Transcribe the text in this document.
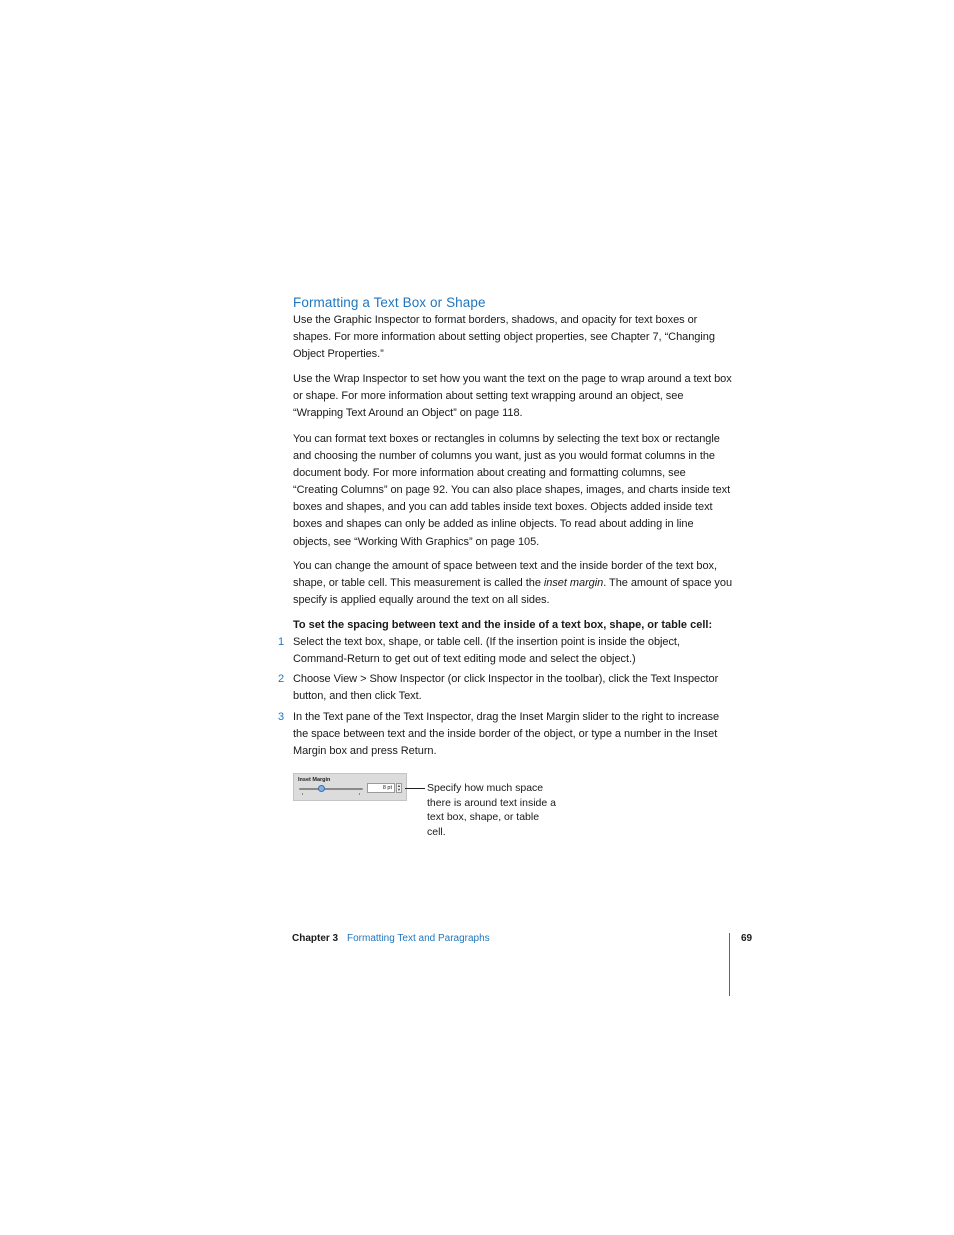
Formatting a Text Box or Shape

Use the Graphic Inspector to format borders, shadows, and opacity for text boxes or shapes. For more information about setting object properties, see Chapter 7, “Changing Object Properties.”

Use the Wrap Inspector to set how you want the text on the page to wrap around a text box or shape. For more information about setting text wrapping around an object, see “Wrapping Text Around an Object” on page 118.

You can format text boxes or rectangles in columns by selecting the text box or rectangle and choosing the number of columns you want, just as you would format columns in the document body. For more information about creating and formatting columns, see “Creating Columns” on page 92. You can also place shapes, images, and charts inside text boxes and shapes, and you can add tables inside text boxes. Objects added inside text boxes and shapes can only be added as inline objects. To read about adding in line objects, see “Working With Graphics” on page 105.

You can change the amount of space between text and the inside border of the text box, shape, or table cell. This measurement is called the inset margin. The amount of space you specify is applied equally around the text on all sides.

To set the spacing between text and the inside of a text box, shape, or table cell:

1 Select the text box, shape, or table cell. (If the insertion point is inside the object, Command-Return to get out of text editing mode and select the object.)
2 Choose View > Show Inspector (or click Inspector in the toolbar), click the Text Inspector button, and then click Text.
3 In the Text pane of the Text Inspector, drag the Inset Margin slider to the right to increase the space between text and the inside border of the object, or type a number in the Inset Margin box and press Return.
Inset Margin
8 pt	▲
▼ Specify how much space there is around text inside a text box, shape, or table cell.

Chapter 3 Formatting Text and Paragraphs	69
